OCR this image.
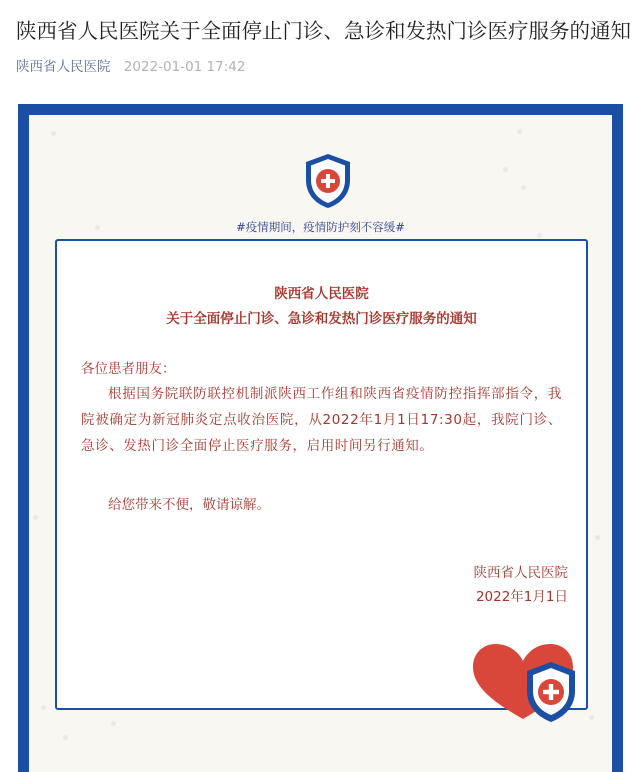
陕西省人民医院关于全面停止门诊、急诊和发热门诊医疗服务的通知
陕西省人民医院 2022-01-01 17:42
#疫情期间，疫情防护刻不容缓#
陕西省人民医院
关于全面停止门诊、急诊和发热门诊医疗服务的通知
各位患者朋友：

根据国务院联防联控机制派陕西工作组和陕西省疫情防控指挥部指令，我院被确定为新冠肺炎定点收治医院，从2022年1月1日17:30起，我院门诊、急诊、发热门诊全面停止医疗服务，启用时间另行通知。

给您带来不便，敬请谅解。
陕西省人民医院
2022年1月1日
